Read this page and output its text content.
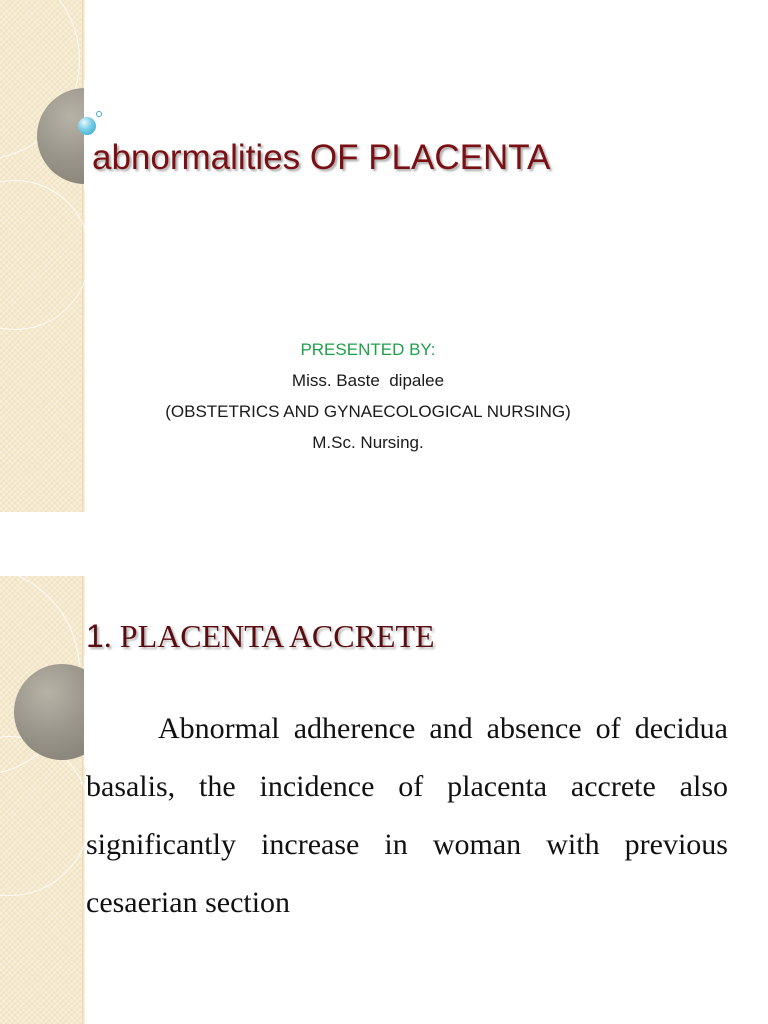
abnormalities OF PLACENTA
PRESENTED BY:
Miss. Baste  dipalee
(OBSTETRICS AND GYNAECOLOGICAL NURSING)
M.Sc. Nursing.
1. PLACENTA ACCRETE
Abnormal adherence and absence of decidua basalis, the incidence of placenta accrete also significantly increase in woman with previous cesaerian section
